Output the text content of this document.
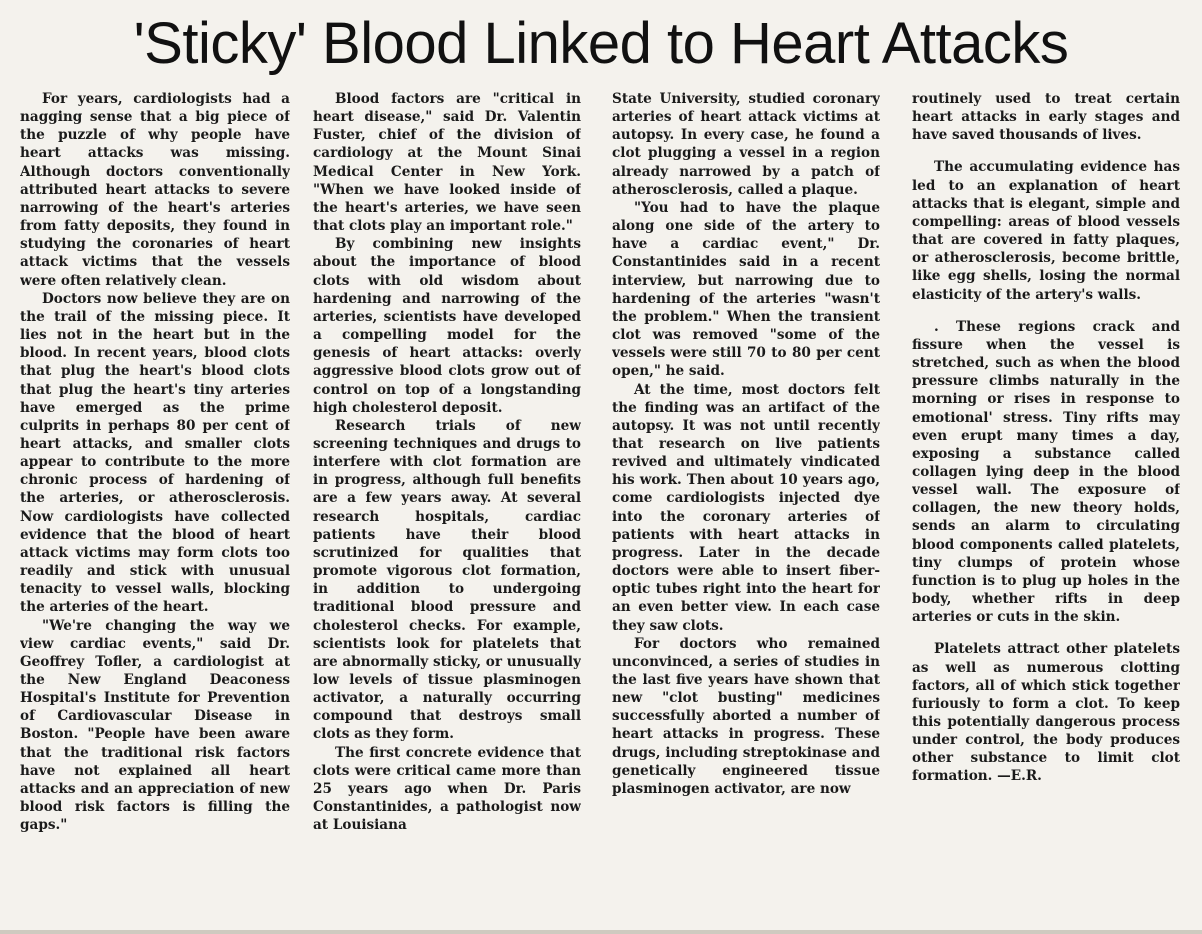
'Sticky' Blood Linked to Heart Attacks

For years, cardiologists had a nagging sense that a big piece of the puzzle of why people have heart attacks was missing. Although doctors conventionally attributed heart attacks to severe narrowing of the heart's arteries from fatty deposits, they found in studying the coronaries of heart attack victims that the vessels were often relatively clean.

Doctors now believe they are on the trail of the missing piece. It lies not in the heart but in the blood. In recent years, blood clots that plug the heart's blood clots that plug the heart's tiny arteries have emerged as the prime culprits in perhaps 80 per cent of heart attacks, and smaller clots appear to contribute to the more chronic process of hardening of the arteries, or atherosclerosis. Now cardiologists have collected evidence that the blood of heart attack victims may form clots too readily and stick with unusual tenacity to vessel walls, blocking the arteries of the heart.

"We're changing the way we view cardiac events," said Dr. Geoffrey Tofler, a cardiologist at the New England Deaconess Hospital's Institute for Prevention of Cardiovascular Disease in Boston. "People have been aware that the traditional risk factors have not explained all heart attacks and an appreciation of new blood risk factors is filling the gaps."

Blood factors are "critical in heart disease," said Dr. Valentin Fuster, chief of the division of cardiology at the Mount Sinai Medical Center in New York. "When we have looked inside of the heart's arteries, we have seen that clots play an important role."

By combining new insights about the importance of blood clots with old wisdom about hardening and narrowing of the arteries, scientists have developed a compelling model for the genesis of heart attacks: overly aggressive blood clots grow out of control on top of a longstanding high cholesterol deposit.

Research trials of new screening techniques and drugs to interfere with clot formation are in progress, although full benefits are a few years away. At several research hospitals, cardiac patients have their blood scrutinized for qualities that promote vigorous clot formation, in addition to undergoing traditional blood pressure and cholesterol checks. For example, scientists look for platelets that are abnormally sticky, or unusually low levels of tissue plasminogen activator, a naturally occurring compound that destroys small clots as they form.

The first concrete evidence that clots were critical came more than 25 years ago when Dr. Paris Constantinides, a pathologist now at Louisiana

State University, studied coronary arteries of heart attack victims at autopsy. In every case, he found a clot plugging a vessel in a region already narrowed by a patch of atherosclerosis, called a plaque.

"You had to have the plaque along one side of the artery to have a cardiac event," Dr. Constantinides said in a recent interview, but narrowing due to hardening of the arteries "wasn't the problem." When the transient clot was removed "some of the vessels were still 70 to 80 per cent open," he said.

At the time, most doctors felt the finding was an artifact of the autopsy. It was not until recently that research on live patients revived and ultimately vindicated his work. Then about 10 years ago, come cardiologists injected dye into the coronary arteries of patients with heart attacks in progress. Later in the decade doctors were able to insert fiber-optic tubes right into the heart for an even better view. In each case they saw clots.

For doctors who remained unconvinced, a series of studies in the last five years have shown that new "clot busting" medicines successfully aborted a number of heart attacks in progress. These drugs, including streptokinase and genetically engineered tissue plasminogen activator, are now

routinely used to treat certain heart attacks in early stages and have saved thousands of lives.

The accumulating evidence has led to an explanation of heart attacks that is elegant, simple and compelling: areas of blood vessels that are covered in fatty plaques, or atherosclerosis, become brittle, like egg shells, losing the normal elasticity of the artery's walls.

. These regions crack and fissure when the vessel is stretched, such as when the blood pressure climbs naturally in the morning or rises in response to emotional' stress. Tiny rifts may even erupt many times a day, exposing a substance called collagen lying deep in the blood vessel wall. The exposure of collagen, the new theory holds, sends an alarm to circulating blood components called platelets, tiny clumps of protein whose function is to plug up holes in the body, whether rifts in deep arteries or cuts in the skin.

Platelets attract other platelets as well as numerous clotting factors, all of which stick together furiously to form a clot. To keep this potentially dangerous process under control, the body produces other substance to limit clot formation. —E.R.
